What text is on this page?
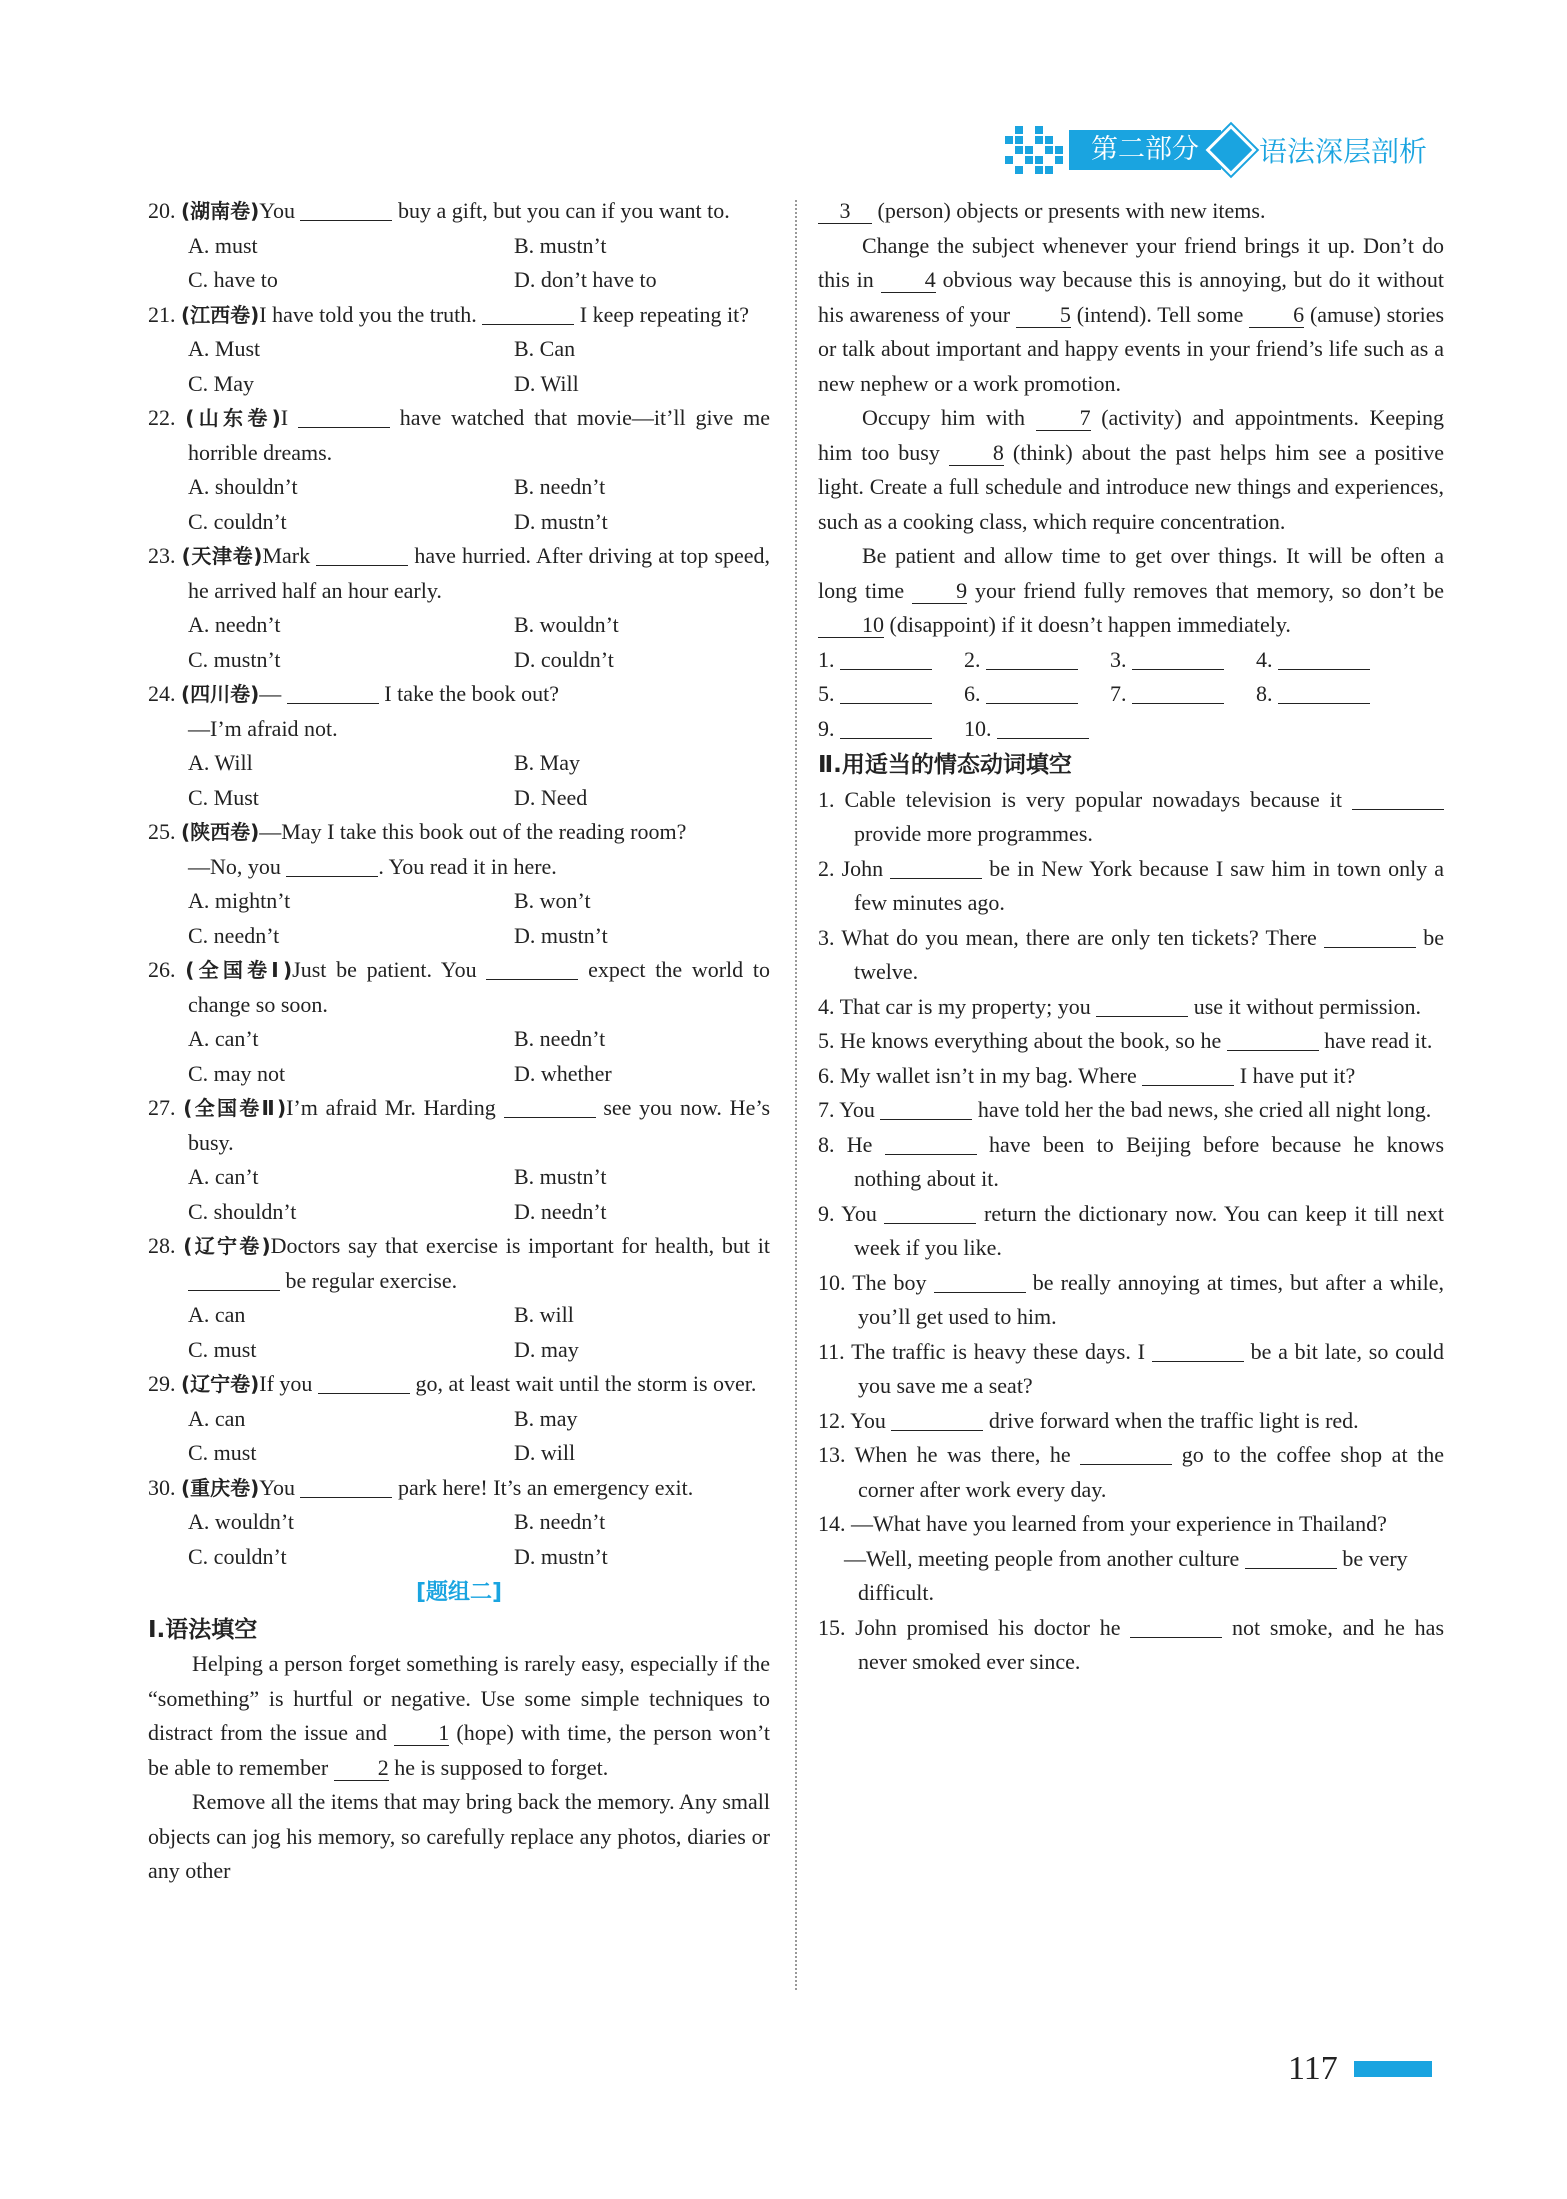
第二部分	语法深层剖析
20. (湖南卷)You	buy a gift, but you can if you want to.
A. must	B. mustn’t
C. have to	D. don’t have to
21. (江西卷)I have told you the truth.	I keep repeating it?
A. Must	B. Can
C. May	D. Will
22. (山东卷)I	have watched that movie—it’ll give me horrible dreams.
A. shouldn’t	B. needn’t
C. couldn’t	D. mustn’t
23. (天津卷)Mark	have hurried. After driving at top speed, he arrived half an hour early.
A. needn’t	B. wouldn’t
C. mustn’t	D. couldn’t
24. (四川卷)—	I take the book out?
—I’m afraid not.
A. Will	B. May
C. Must	D. Need
25. (陕西卷)—May I take this book out of the reading room?
—No, you	. You read it in here.
A. mightn’t	B. won’t
C. needn’t	D. mustn’t
26. (全国卷Ⅰ)Just be patient. You	expect the world to change so soon.
A. can’t	B. needn’t
C. may not	D. whether
27. (全国卷Ⅱ)I’m afraid Mr. Harding	see you now. He’s busy.
A. can’t	B. mustn’t
C. shouldn’t	D. needn’t
28. (辽宁卷)Doctors say that exercise is important for health, but it  be regular exercise.
A. can	B. will
C. must	D. may
29. (辽宁卷)If you	go, at least wait until the storm is over.
A. can	B. may
C. must	D. will
30. (重庆卷)You	park here! It’s an emergency exit.
A. wouldn’t	B. needn’t
C. couldn’t	D. mustn’t
[题组二]
Ⅰ.语法填空
Helping a person forget something is rarely easy, especially if the “something” is hurtful or negative. Use some simple techniques to distract from the issue and 1 (hope) with time, the person won’t be able to remember 2 he is supposed to forget.
Remove all the items that may bring back the memory. Any small objects can jog his memory, so carefully replace any photos, diaries or any other
3 (person) objects or presents with new items.
Change the subject whenever your friend brings it up. Don’t do this in 4 obvious way because this is annoying, but do it without his awareness of your 5 (intend). Tell some 6 (amuse) stories or talk about important and happy events in your friend’s life such as a new nephew or a work promotion.
Occupy him with 7 (activity) and appointments. Keeping him too busy 8 (think) about the past helps him see a positive light. Create a full schedule and introduce new things and experiences, such as a cooking class, which require concentration.
Be patient and allow time to get over things. It will be often a long time 9 your friend fully removes that memory, so don’t be 10 (disappoint) if it doesn’t happen immediately.
1.	2.	3.	4.
5.	6.	7.	8.
9.	10.
Ⅱ.用适当的情态动词填空
1. Cable television is very popular nowadays because it  provide more programmes.
2. John	be in New York because I saw him in town only a few minutes ago.
3. What do you mean, there are only ten tickets? There	be twelve.
4. That car is my property; you	use it without permission.
5. He knows everything about the book, so he	have read it.
6. My wallet isn’t in my bag. Where	I have put it?
7. You	have told her the bad news, she cried all night long.
8. He	have been to Beijing before because he knows nothing about it.
9. You	return the dictionary now. You can keep it till next week if you like.
10. The boy	be really annoying at times, but after a while, you’ll get used to him.
11. The traffic is heavy these days. I	be a bit late, so could you save me a seat?
12. You	drive forward when the traffic light is red.
13. When he was there, he	go to the coffee shop at the corner after work every day.
14. —What have you learned from your experience in Thailand?
—Well, meeting people from another culture	be very difficult.
15. John promised his doctor he	not smoke, and he has never smoked ever since.
117
